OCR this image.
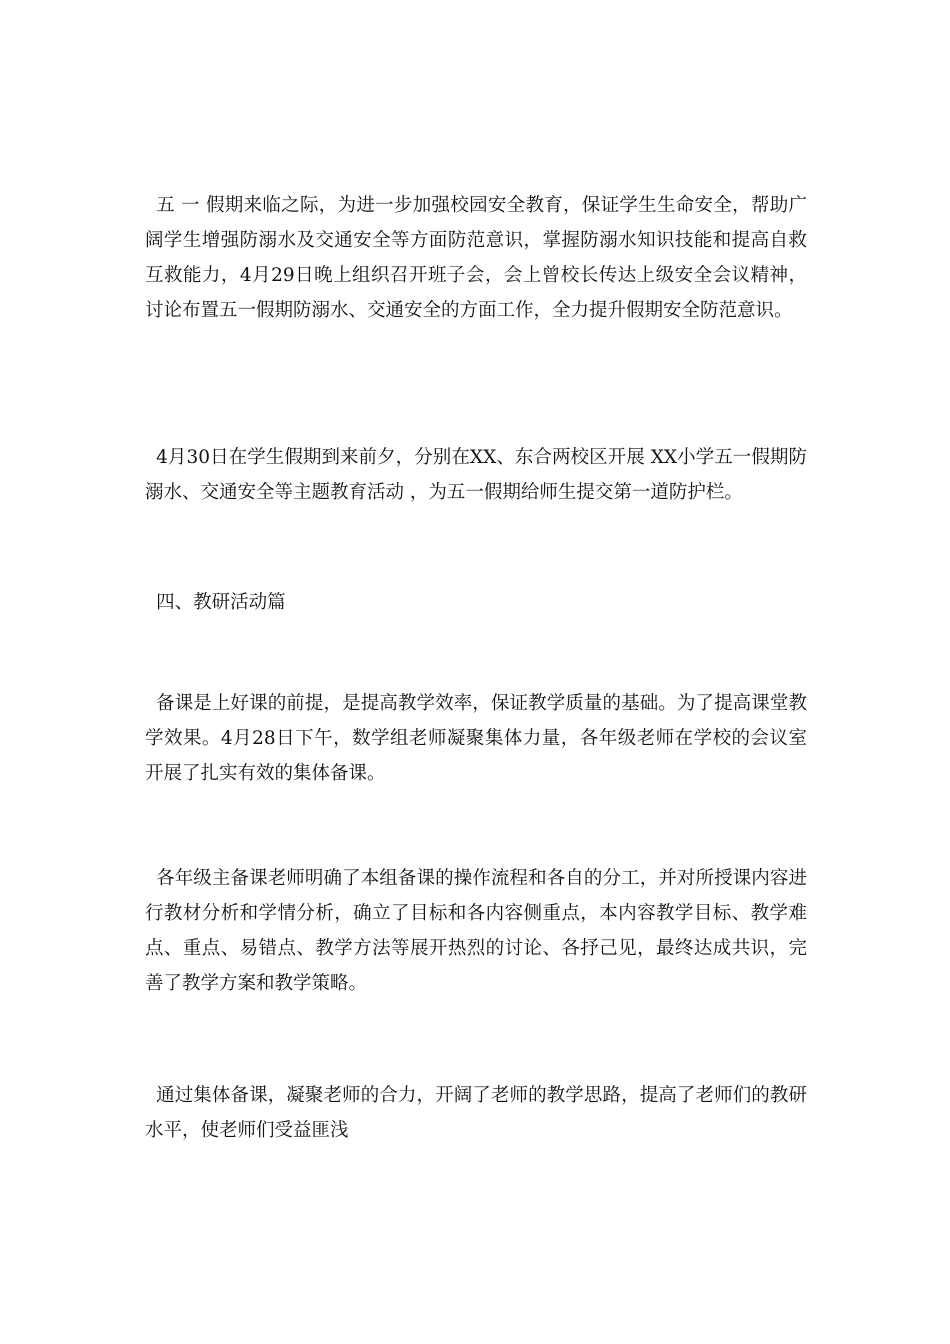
五 一 假期来临之际，为进一步加强校园安全教育，保证学生生命安全，帮助广阔学生增强防溺水及交通安全等方面防范意识，掌握防溺水知识技能和提高自救互救能力，4月29日晚上组织召开班子会，会上曾校长传达上级安全会议精神，讨论布置五一假期防溺水、交通安全的方面工作，全力提升假期安全防范意识。

4月30日在学生假期到来前夕，分别在XX、东合两校区开展 XX小学五一假期防溺水、交通安全等主题教育活动 ，为五一假期给师生提交第一道防护栏。

四、教研活动篇

备课是上好课的前提，是提高教学效率，保证教学质量的基础。为了提高课堂教学效果。4月28日下午，数学组老师凝聚集体力量，各年级老师在学校的会议室开展了扎实有效的集体备课。

各年级主备课老师明确了本组备课的操作流程和各自的分工，并对所授课内容进行教材分析和学情分析，确立了目标和各内容侧重点，本内容教学目标、教学难点、重点、易错点、教学方法等展开热烈的讨论、各抒己见，最终达成共识，完善了教学方案和教学策略。

通过集体备课，凝聚老师的合力，开阔了老师的教学思路，提高了老师们的教研水平，使老师们受益匪浅
